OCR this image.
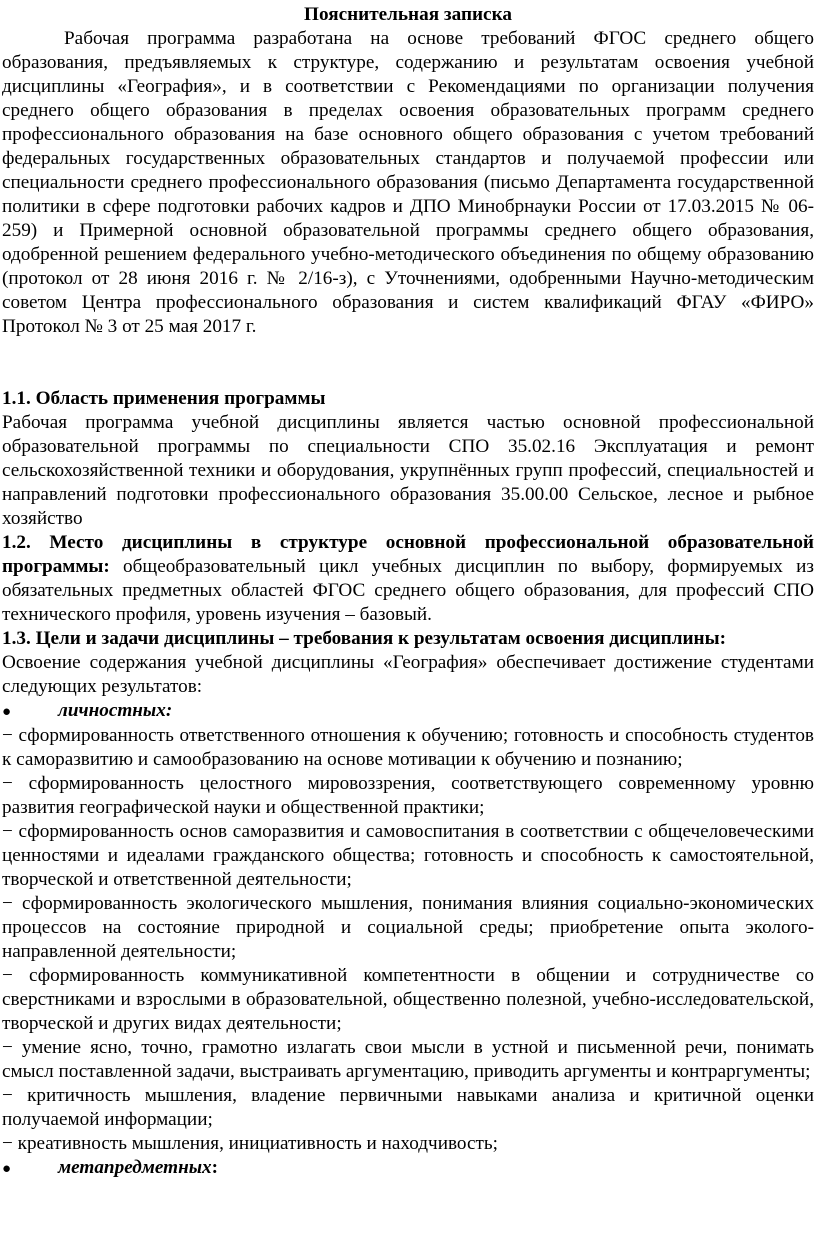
Пояснительная записка

Рабочая программа разработана на основе требований ФГОС среднего общего образования, предъявляемых к структуре, содержанию и результатам освоения учебной дисциплины «География», и в соответствии с Рекомендациями по организации получения среднего общего образования в пределах освоения образовательных программ среднего профессионального образования на базе основного общего образования с учетом требований федеральных государственных образовательных стандартов и получаемой профессии или специальности среднего профессионального образования (письмо Департамента государственной политики в сфере подготовки рабочих кадров и ДПО Минобрнауки России от 17.03.2015 № 06-259) и Примерной основной образовательной программы среднего общего образования, одобренной решением федерального учебно-методического объединения по общему образованию (протокол от 28 июня 2016 г. № 2/16-з), с Уточнениями, одобренными Научно-методическим советом Центра профессионального образования и систем квалификаций ФГАУ «ФИРО» Протокол № 3 от 25 мая 2017 г.

1.1. Область применения программы

Рабочая программа учебной дисциплины является частью основной профессиональной образовательной программы по специальности СПО 35.02.16 Эксплуатация и ремонт сельскохозяйственной техники и оборудования, укрупнённых групп профессий, специальностей и направлений подготовки профессионального образования 35.00.00 Сельское, лесное и рыбное хозяйство

1.2. Место дисциплины в структуре основной профессиональной образовательной программы: общеобразовательный цикл учебных дисциплин по выбору, формируемых из обязательных предметных областей ФГОС среднего общего образования, для профессий СПО технического профиля, уровень изучения – базовый.

1.3. Цели и задачи дисциплины – требования к результатам освоения дисциплины:

Освоение содержания учебной дисциплины «География» обеспечивает достижение студентами следующих результатов:

●	личностных:

− сформированность ответственного отношения к обучению; готовность и способность студентов к саморазвитию и самообразованию на основе мотивации к обучению и познанию;

− сформированность целостного мировоззрения, соответствующего современному уровню развития географической науки и общественной практики;

− сформированность основ саморазвития и самовоспитания в соответствии с общечеловеческими ценностями и идеалами гражданского общества; готовность и способность к самостоятельной, творческой и ответственной деятельности;

− сформированность экологического мышления, понимания влияния социально-экономических процессов на состояние природной и социальной среды; приобретение опыта эколого-направленной деятельности;

− сформированность коммуникативной компетентности в общении и сотрудничестве со сверстниками и взрослыми в образовательной, общественно полезной, учебно-исследовательской, творческой и других видах деятельности;

− умение ясно, точно, грамотно излагать свои мысли в устной и письменной речи, понимать смысл поставленной задачи, выстраивать аргументацию, приводить аргументы и контраргументы;

− критичность мышления, владение первичными навыками анализа и критичной оценки получаемой информации;

− креативность мышления, инициативность и находчивость;

●	метапредметных:
